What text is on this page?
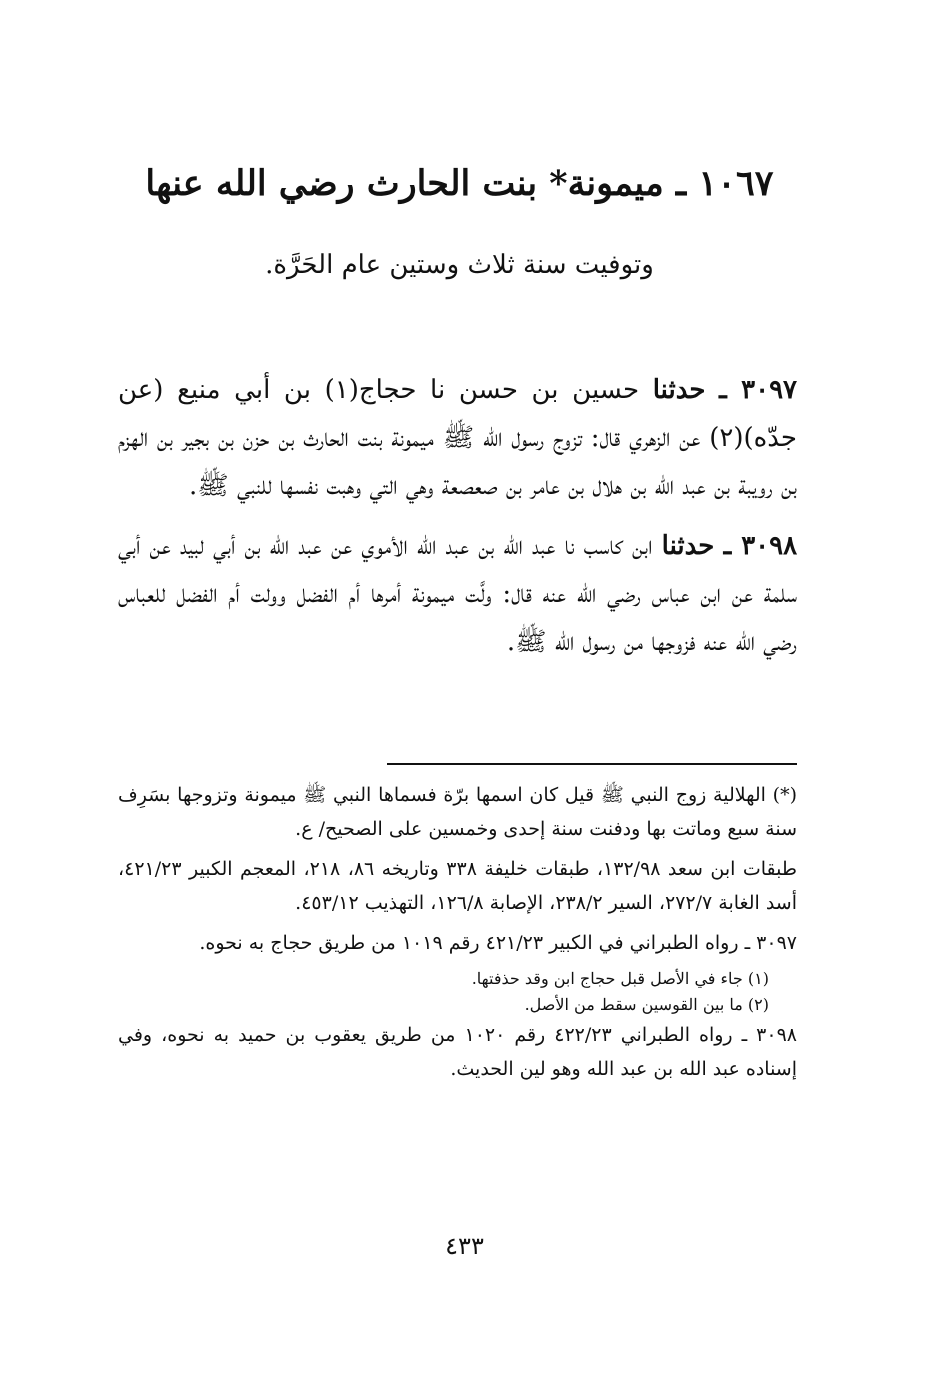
١٠٦٧ ـ ميمونة* بنت الحارث رضي الله عنها
وتوفيت سنة ثلاث وستين عام الحَرَّة.

٣٠٩٧ ـ حدثنا حسين بن حسن نا حجاج(١) بن أبي منيع (عن جدّه)(٢) عن الزهري قال: تزوج رسول الله ﷺ ميمونة بنت الحارث بن حزن بن بجير بن الهزم بن رويبة بن عبد الله بن هلال بن عامر بن صعصعة وهي التي وهبت نفسها للنبي ﷺ.

٣٠٩٨ ـ حدثنا ابن كاسب نا عبد الله بن عبد الله الأموي عن عبد الله بن أبي لبيد عن أبي سلمة عن ابن عباس رضي الله عنه قال: ولَّت ميمونة أمرها أم الفضل وولت أم الفضل للعباس رضي الله عنه فزوجها من رسول الله ﷺ.

(*) الهلالية زوج النبي ﷺ قيل كان اسمها برّة فسماها النبي ﷺ ميمونة وتزوجها بسَرِف سنة سبع وماتت بها ودفنت سنة إحدى وخمسين على الصحيح/ ع.

طبقات ابن سعد ١٣٢/٩٨، طبقات خليفة ٣٣٨ وتاريخه ٨٦، ٢١٨، المعجم الكبير ٤٢١/٢٣، أسد الغابة ٢٧٢/٧، السير ٢٣٨/٢، الإصابة ١٢٦/٨، التهذيب ٤٥٣/١٢.

٣٠٩٧ ـ رواه الطبراني في الكبير ٤٢١/٢٣ رقم ١٠١٩ من طريق حجاج به نحوه.

(١) جاء في الأصل قبل حجاج ابن وقد حذفتها.

(٢) ما بين القوسين سقط من الأصل.

٣٠٩٨ ـ رواه الطبراني ٤٢٢/٢٣ رقم ١٠٢٠ من طريق يعقوب بن حميد به نحوه، وفي إسناده عبد الله بن عبد الله وهو لين الحديث.

٤٣٣
